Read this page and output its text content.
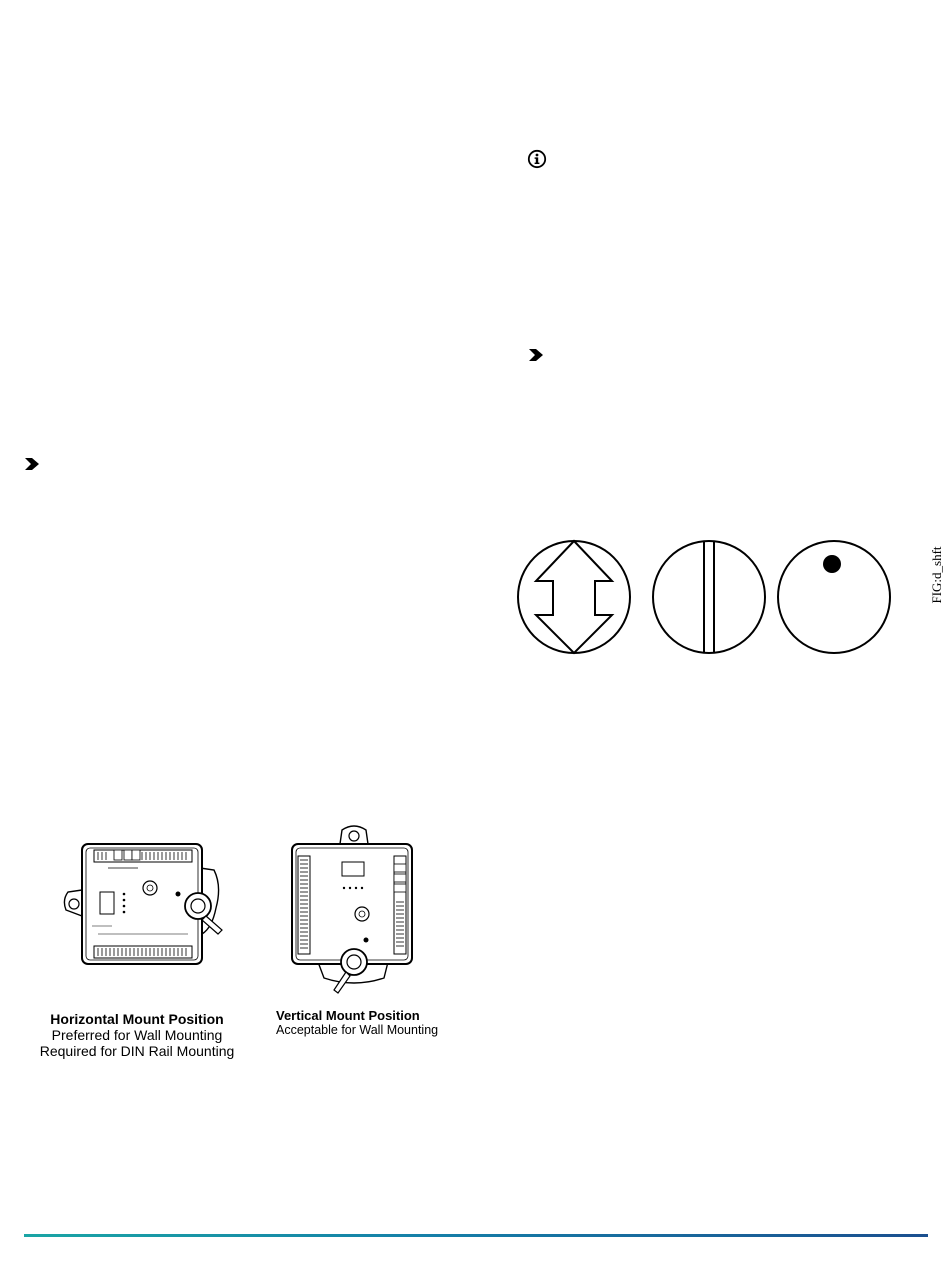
FIG:d_shft
Horizontal Mount Position
Preferred for Wall Mounting
Required for DIN Rail Mounting
Vertical Mount Position
Acceptable for Wall Mounting
